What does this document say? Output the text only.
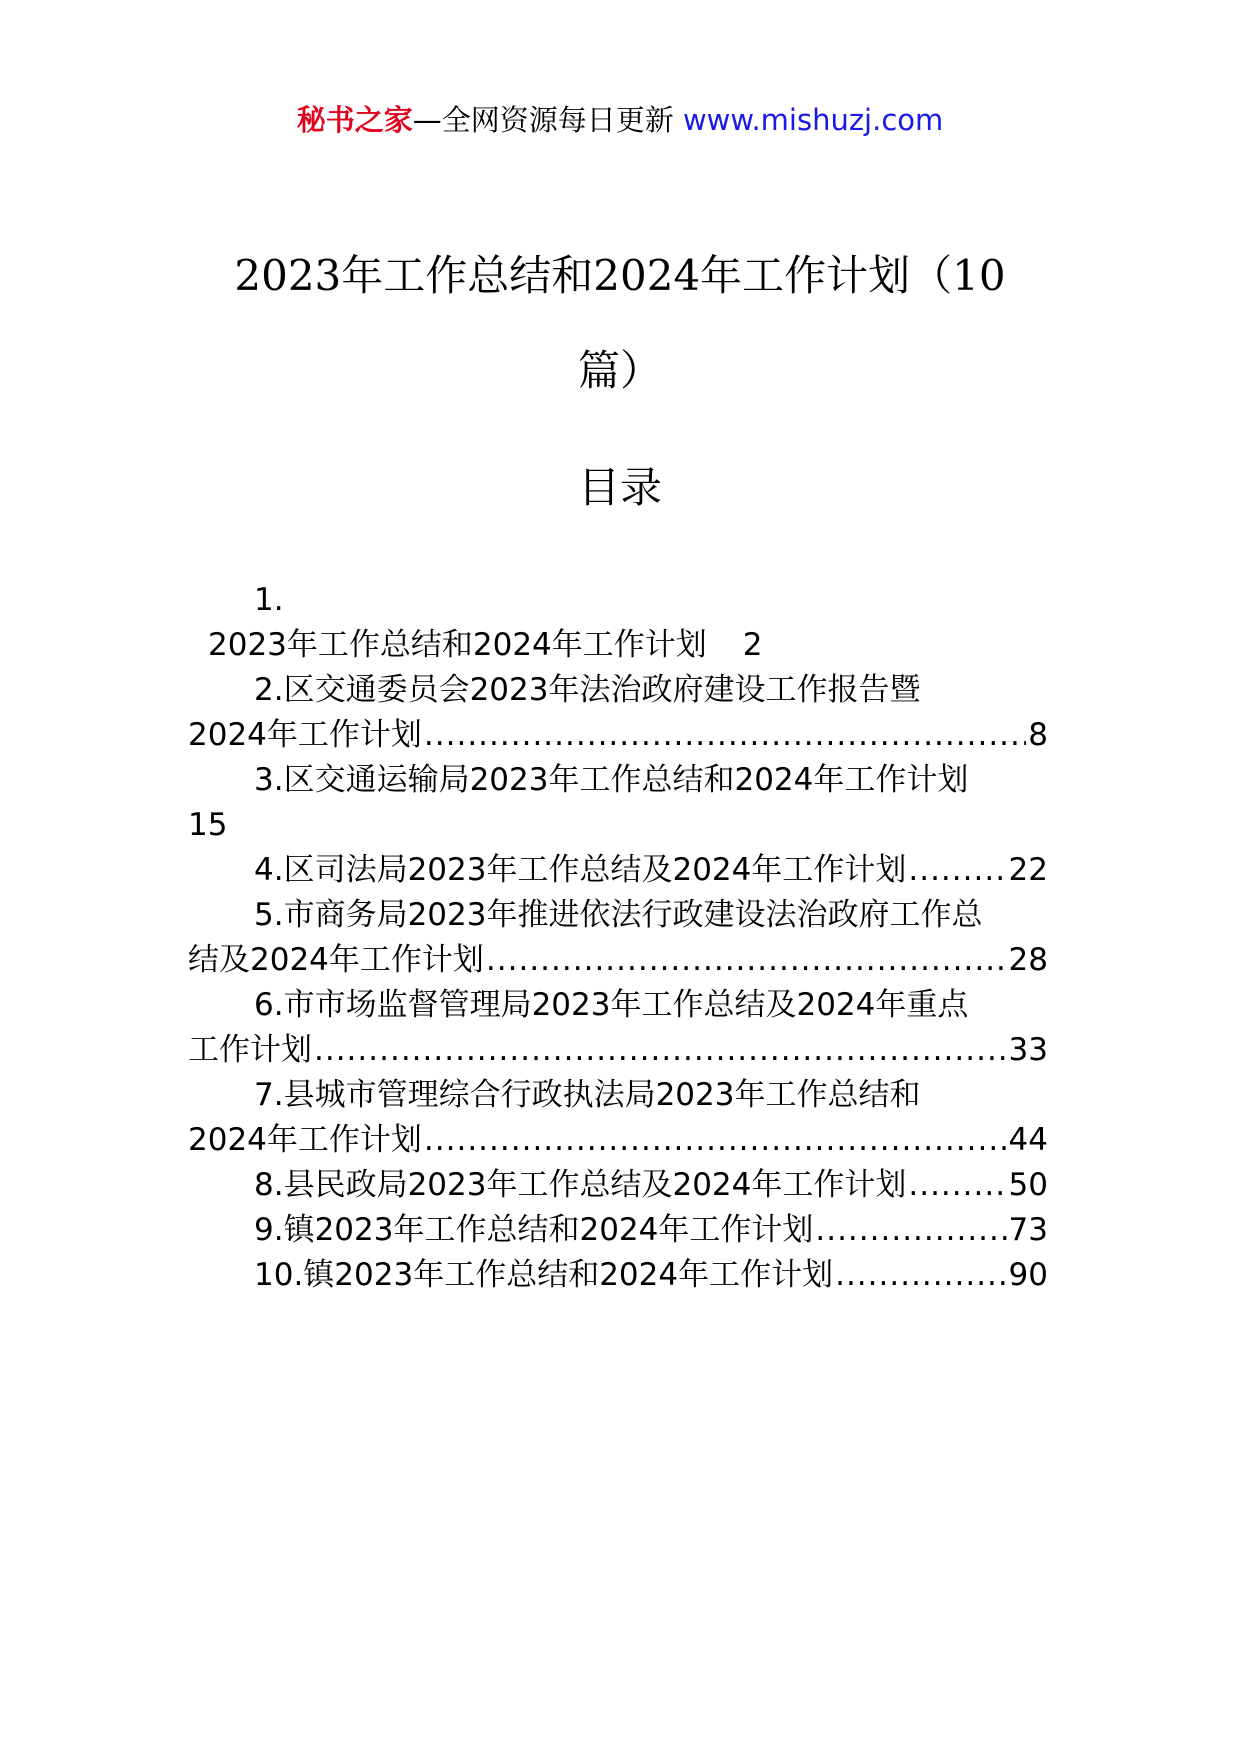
秘书之家—全网资源每日更新 www.mishuzj.com
2023年工作总结和2024年工作计划（10
篇）
目录
1.
2023年工作总结和2024年工作计划 2
2.区交通委员会2023年法治政府建设工作报告暨
2024年工作计划 .....	8
3.区交通运输局2023年工作总结和2024年工作计划
15
4.区司法局2023年工作总结及2024年工作计划 .....	22
5.市商务局2023年推进依法行政建设法治政府工作总
结及2024年工作计划 .....	28
6.市市场监督管理局2023年工作总结及2024年重点
工作计划 .....	33
7.县城市管理综合行政执法局2023年工作总结和
2024年工作计划 .....	44
8.县民政局2023年工作总结及2024年工作计划 .....	50
9.镇2023年工作总结和2024年工作计划 .....	73
10.镇2023年工作总结和2024年工作计划 .....	90
